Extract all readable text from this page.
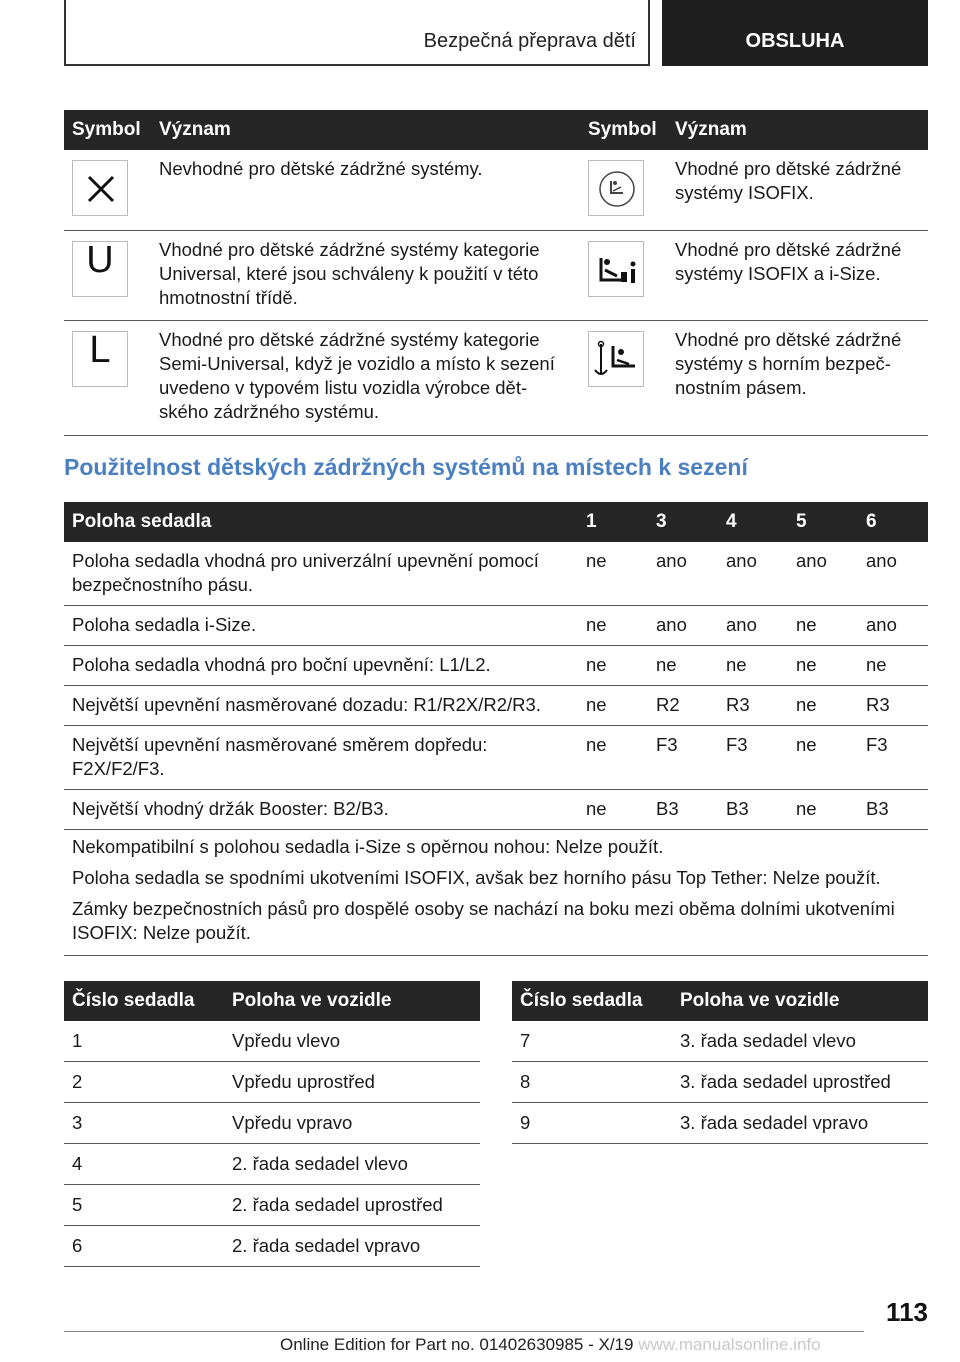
Bezpečná přeprava dětí	OBSLUHA
Symbol	Význam	Symbol	Význam

	Nevhodné pro dětské zádržné systémy.		Vhodné pro dětské zádržné systémy ISOFIX.

U	Vhodné pro dětské zádržné systémy kategorie Universal, které jsou schváleny k použití v této hmotnostní třídě.		Vhodné pro dětské zádržné systémy ISOFIX a i-Size.

L	Vhodné pro dětské zádržné systémy kategorie Semi-Universal, když je vozidlo a místo k sezení uvedeno v typovém listu vozidla výrobce dět-ského zádržného systému.		Vhodné pro dětské zádržné systémy s horním bezpeč-nostním pásem.
Použitelnost dětských zádržných systémů na místech k sezení
Poloha sedadla	1	3	4	5	6
Poloha sedadla vhodná pro univerzální upevnění pomocí bezpečnostního pásu.	ne	ano	ano	ano	ano
Poloha sedadla i-Size.	ne	ano	ano	ne	ano
Poloha sedadla vhodná pro boční upevnění: L1/L2.	ne	ne	ne	ne	ne
Největší upevnění nasměrované dozadu: R1/R2X/R2/R3.	ne	R2	R3	ne	R3
Největší upevnění nasměrované směrem dopředu: F2X/F2/F3.	ne	F3	F3	ne	F3
Největší vhodný držák Booster: B2/B3.	ne	B3	B3	ne	B3
Nekompatibilní s polohou sedadla i-Size s opěrnou nohou: Nelze použít.					
Poloha sedadla se spodními ukotveními ISOFIX, avšak bez horního pásu Top Tether: Nelze použít.					
Zámky bezpečnostních pásů pro dospělé osoby se nachází na boku mezi oběma dolními ukotveními ISOFIX: Nelze použít.					
Číslo sedadla	Poloha ve vozidle
1	Vpředu vlevo
2	Vpředu uprostřed
3	Vpředu vpravo
4	2. řada sedadel vlevo
5	2. řada sedadel uprostřed
6	2. řada sedadel vpravo
Číslo sedadla	Poloha ve vozidle
7	3. řada sedadel vlevo
8	3. řada sedadel uprostřed
9	3. řada sedadel vpravo
113
Online Edition for Part no. 01402630985 - X/19 www.manualsonline.info
